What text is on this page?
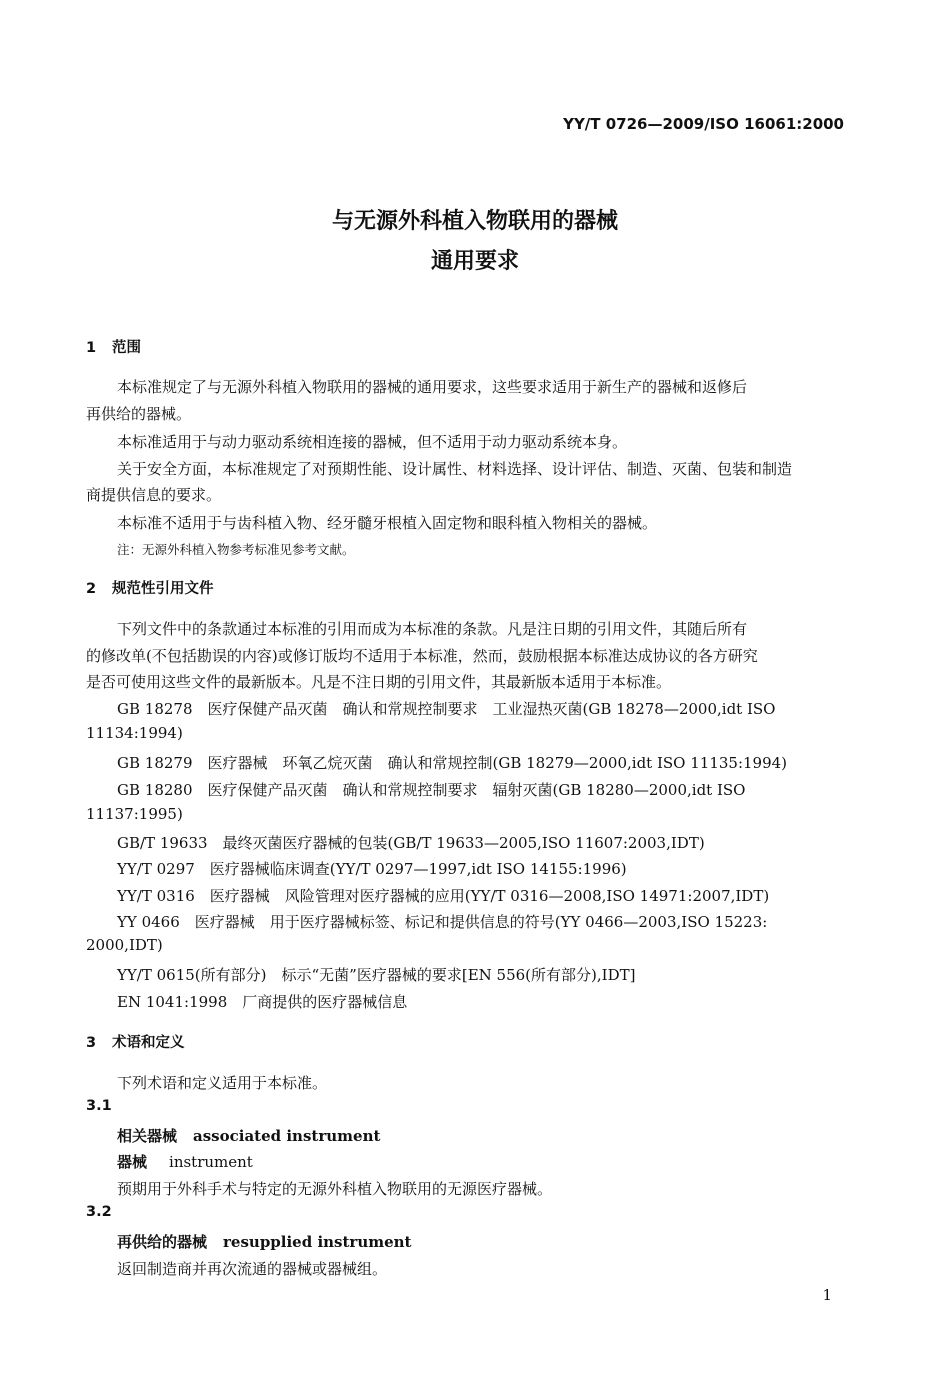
YY/T 0726—2009/ISO 16061:2000
与无源外科植入物联用的器械
通用要求
1 范围
本标准规定了与无源外科植入物联用的器械的通用要求，这些要求适用于新生产的器械和返修后
再供给的器械。
本标准适用于与动力驱动系统相连接的器械，但不适用于动力驱动系统本身。
关于安全方面，本标准规定了对预期性能、设计属性、材料选择、设计评估、制造、灭菌、包装和制造
商提供信息的要求。
本标准不适用于与齿科植入物、经牙髓牙根植入固定物和眼科植入物相关的器械。
注：无源外科植入物参考标准见参考文献。
2 规范性引用文件
下列文件中的条款通过本标准的引用而成为本标准的条款。凡是注日期的引用文件，其随后所有
的修改单(不包括勘误的内容)或修订版均不适用于本标准，然而，鼓励根据本标准达成协议的各方研究
是否可使用这些文件的最新版本。凡是不注日期的引用文件，其最新版本适用于本标准。
GB 18278　医疗保健产品灭菌　确认和常规控制要求　工业湿热灭菌(GB 18278—2000,idt ISO
11134:1994)
GB 18279　医疗器械　环氧乙烷灭菌　确认和常规控制(GB 18279—2000,idt ISO 11135:1994)
GB 18280　医疗保健产品灭菌　确认和常规控制要求　辐射灭菌(GB 18280—2000,idt ISO
11137:1995)
GB/T 19633　最终灭菌医疗器械的包装(GB/T 19633—2005,ISO 11607:2003,IDT)
YY/T 0297　医疗器械临床调查(YY/T 0297—1997,idt ISO 14155:1996)
YY/T 0316　医疗器械　风险管理对医疗器械的应用(YY/T 0316—2008,ISO 14971:2007,IDT)
YY 0466　医疗器械　用于医疗器械标签、标记和提供信息的符号(YY 0466—2003,ISO 15223:
2000,IDT)
YY/T 0615(所有部分)　标示“无菌”医疗器械的要求[EN 556(所有部分),IDT]
EN 1041:1998　厂商提供的医疗器械信息
3 术语和定义
下列术语和定义适用于本标准。
3.1
相关器械 associated instrument
器械 instrument
预期用于外科手术与特定的无源外科植入物联用的无源医疗器械。
3.2
再供给的器械 resupplied instrument
返回制造商并再次流通的器械或器械组。
1
